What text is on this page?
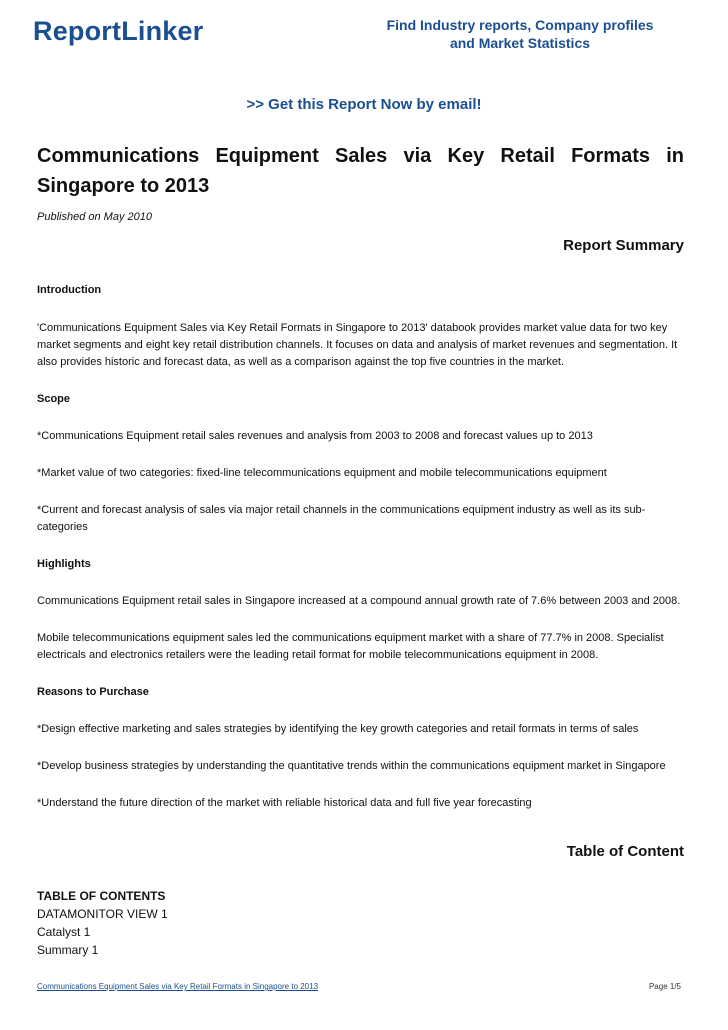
ReportLinker	Find Industry reports, Company profiles
and Market Statistics
>> Get this Report Now by email!
Communications Equipment Sales via Key Retail Formats in Singapore to 2013
Published on May 2010
Report Summary

Introduction

'Communications Equipment Sales via Key Retail Formats in Singapore to 2013' databook provides market value data for two key market segments and eight key retail distribution channels. It focuses on data and analysis of market revenues and segmentation. It also provides historic and forecast data, as well as a comparison against the top five countries in the market.

Scope

*Communications Equipment retail sales revenues and analysis from 2003 to 2008 and forecast values up to 2013

*Market value of two categories: fixed-line telecommunications equipment and mobile telecommunications equipment

*Current and forecast analysis of sales via major retail channels in the communications equipment industry as well as its sub-categories

Highlights

Communications Equipment retail sales in Singapore increased at a compound annual growth rate of 7.6% between 2003 and 2008.

Mobile telecommunications equipment sales led the communications equipment market with a share of 77.7% in 2008. Specialist electricals and electronics retailers were the leading retail format for mobile telecommunications equipment in 2008.

Reasons to Purchase

*Design effective marketing and sales strategies by identifying the key growth categories and retail formats in terms of sales

*Develop business strategies by understanding the quantitative trends within the communications equipment market in Singapore

*Understand the future direction of the market with reliable historical data and full five year forecasting

Table of Content
TABLE OF CONTENTS
DATAMONITOR VIEW 1
Catalyst 1
Summary 1
Communications Equipment Sales via Key Retail Formats in Singapore to 2013	Page 1/5
